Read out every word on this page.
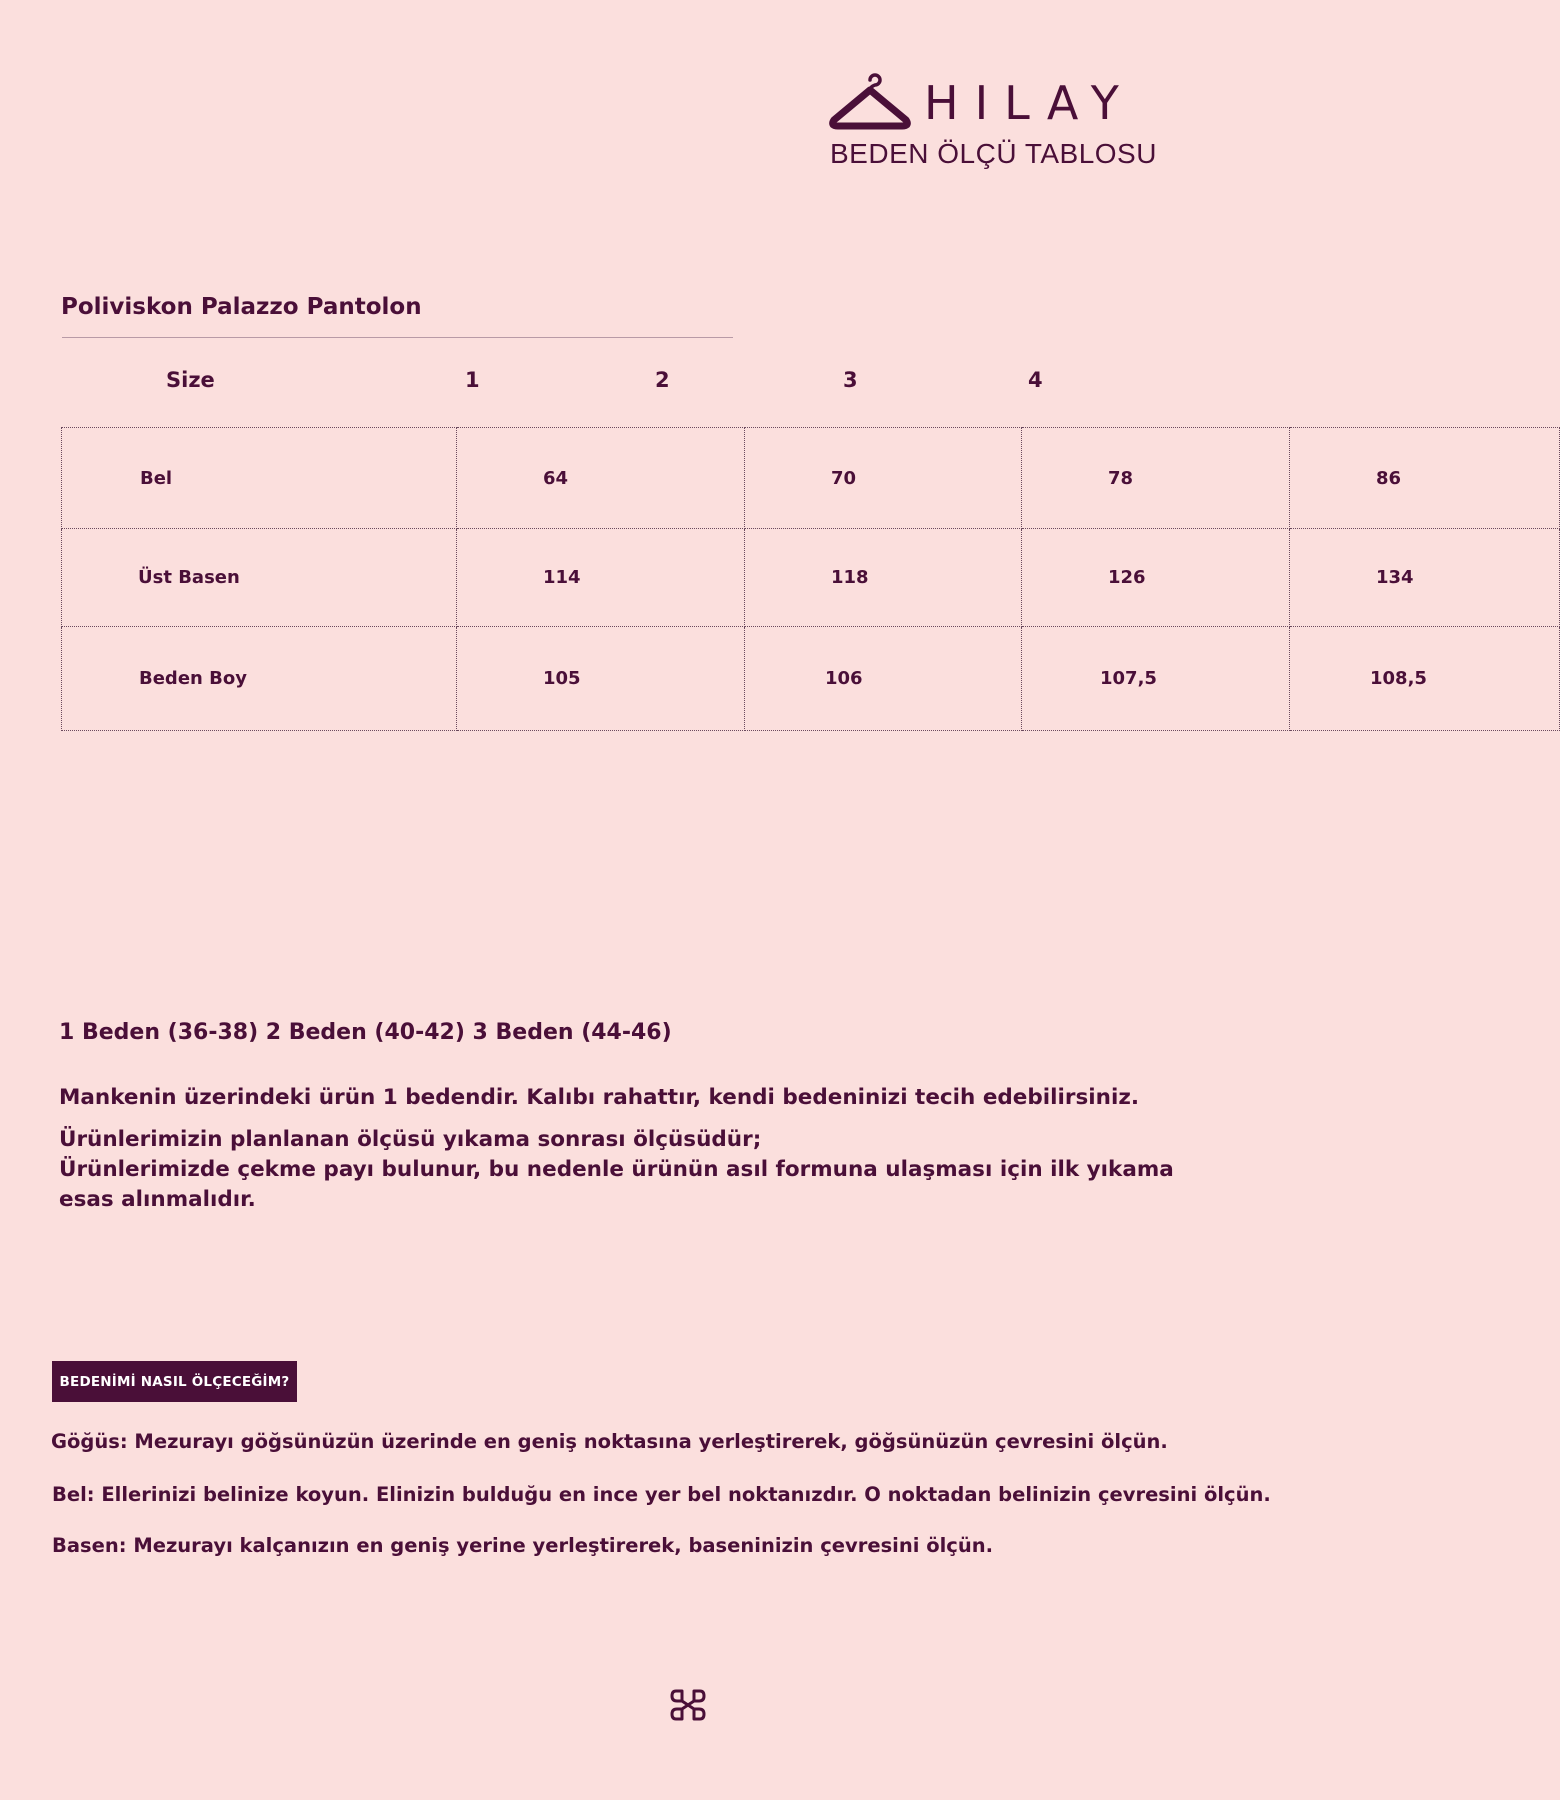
HILAY
BEDEN ÖLÇÜ TABLOSU
Poliviskon Palazzo Pantolon
Size	1	2	3	4
Bel	64	70	78	86
Üst Basen	114	118	126	134
Beden Boy	105	106	107,5	108,5
1 Beden (36-38) 2 Beden (40-42) 3 Beden (44-46)
Mankenin üzerindeki ürün 1 bedendir. Kalıbı rahattır, kendi bedeninizi tecih edebilirsiniz.
Ürünlerimizin planlanan ölçüsü yıkama sonrası ölçüsüdür;
Ürünlerimizde çekme payı bulunur, bu nedenle ürünün asıl formuna ulaşması için ilk yıkama
esas alınmalıdır.
BEDENİMİ NASIL ÖLÇECEĞİM?
Göğüs: Mezurayı göğsünüzün üzerinde en geniş noktasına yerleştirerek, göğsünüzün çevresini ölçün.
Bel: Ellerinizi belinize koyun. Elinizin bulduğu en ince yer bel noktanızdır. O noktadan belinizin çevresini ölçün.
Basen: Mezurayı kalçanızın en geniş yerine yerleştirerek, baseninizin çevresini ölçün.
